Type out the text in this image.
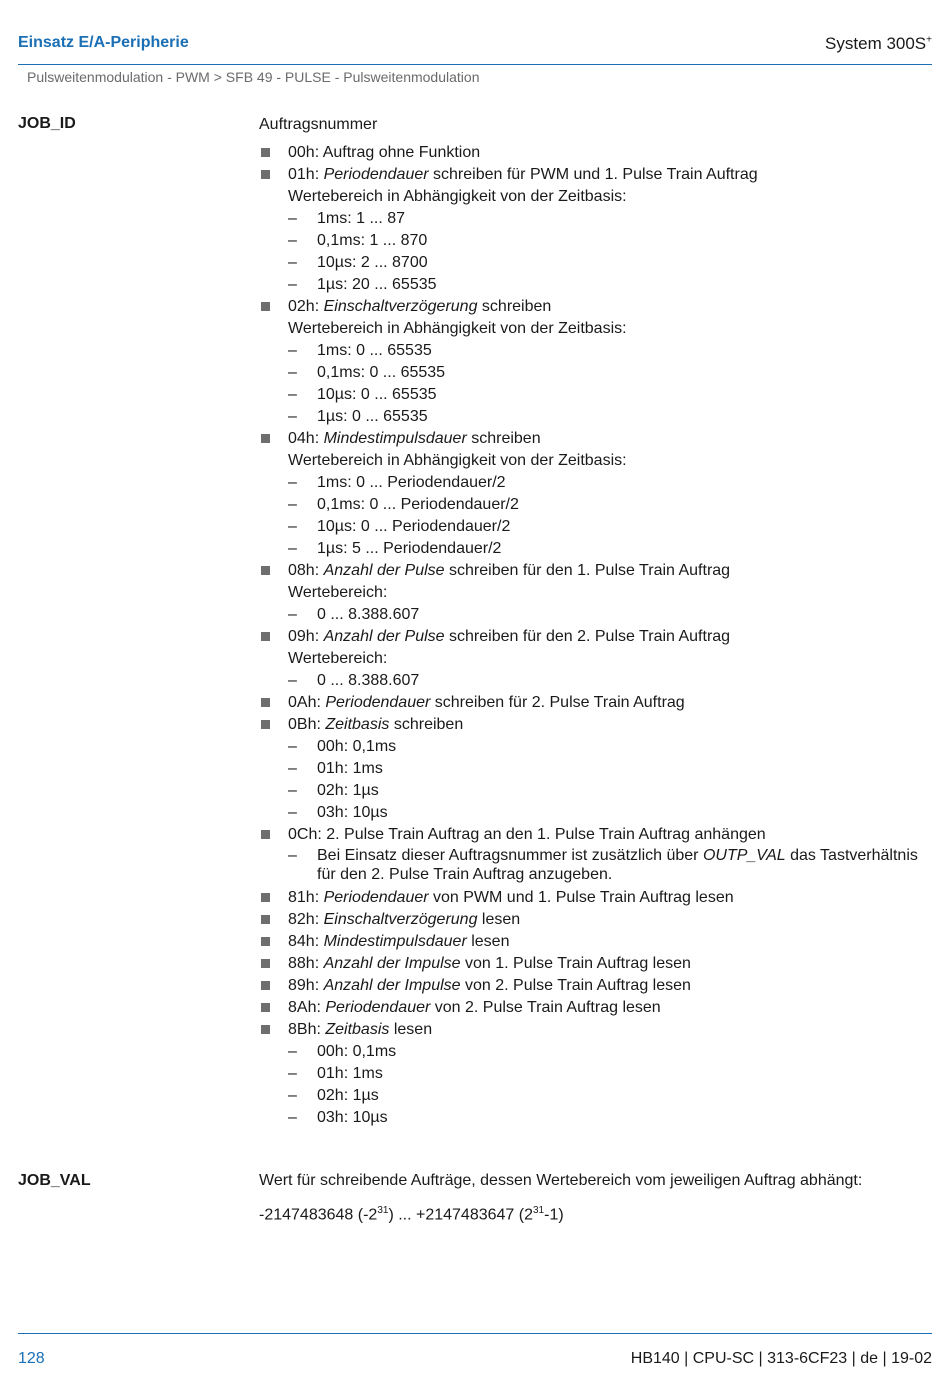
Einsatz E/A-Peripherie	System 300S+
Pulsweitenmodulation - PWM > SFB 49 - PULSE - Pulsweitenmodulation
JOB_ID	Auftragsnummer
00h: Auftrag ohne Funktion
01h: Periodendauer schreiben für PWM und 1. Pulse Train Auftrag
Wertebereich in Abhängigkeit von der Zeitbasis:
– 1ms: 1 ... 87
– 0,1ms: 1 ... 870
– 10µs: 2 ... 8700
– 1µs: 20 ... 65535
02h: Einschaltverzögerung schreiben
Wertebereich in Abhängigkeit von der Zeitbasis:
– 1ms: 0 ... 65535
– 0,1ms: 0 ... 65535
– 10µs: 0 ... 65535
– 1µs: 0 ... 65535
04h: Mindestimpulsdauer schreiben
Wertebereich in Abhängigkeit von der Zeitbasis:
– 1ms: 0 ... Periodendauer/2
– 0,1ms: 0 ... Periodendauer/2
– 10µs: 0 ... Periodendauer/2
– 1µs: 5 ... Periodendauer/2
08h: Anzahl der Pulse schreiben für den 1. Pulse Train Auftrag
Wertebereich:
– 0 ... 8.388.607
09h: Anzahl der Pulse schreiben für den 2. Pulse Train Auftrag
Wertebereich:
– 0 ... 8.388.607
0Ah: Periodendauer schreiben für 2. Pulse Train Auftrag
0Bh: Zeitbasis schreiben
– 00h: 0,1ms
– 01h: 1ms
– 02h: 1µs
– 03h: 10µs
0Ch: 2. Pulse Train Auftrag an den 1. Pulse Train Auftrag anhängen
– Bei Einsatz dieser Auftragsnummer ist zusätzlich über OUTP_VAL das Tastverhältnis für den 2. Pulse Train Auftrag anzugeben.
81h: Periodendauer von PWM und 1. Pulse Train Auftrag lesen
82h: Einschaltverzögerung lesen
84h: Mindestimpulsdauer lesen
88h: Anzahl der Impulse von 1. Pulse Train Auftrag lesen
89h: Anzahl der Impulse von 2. Pulse Train Auftrag lesen
8Ah: Periodendauer von 2. Pulse Train Auftrag lesen
8Bh: Zeitbasis lesen
– 00h: 0,1ms
– 01h: 1ms
– 02h: 1µs
– 03h: 10µs
JOB_VAL	Wert für schreibende Aufträge, dessen Wertebereich vom jeweiligen Auftrag abhängt:
-2147483648 $(-2^{31})$ ... +2147483647 $(2^{31}-1)$
128	HB140 | CPU-SC | 313-6CF23 | de | 19-02
